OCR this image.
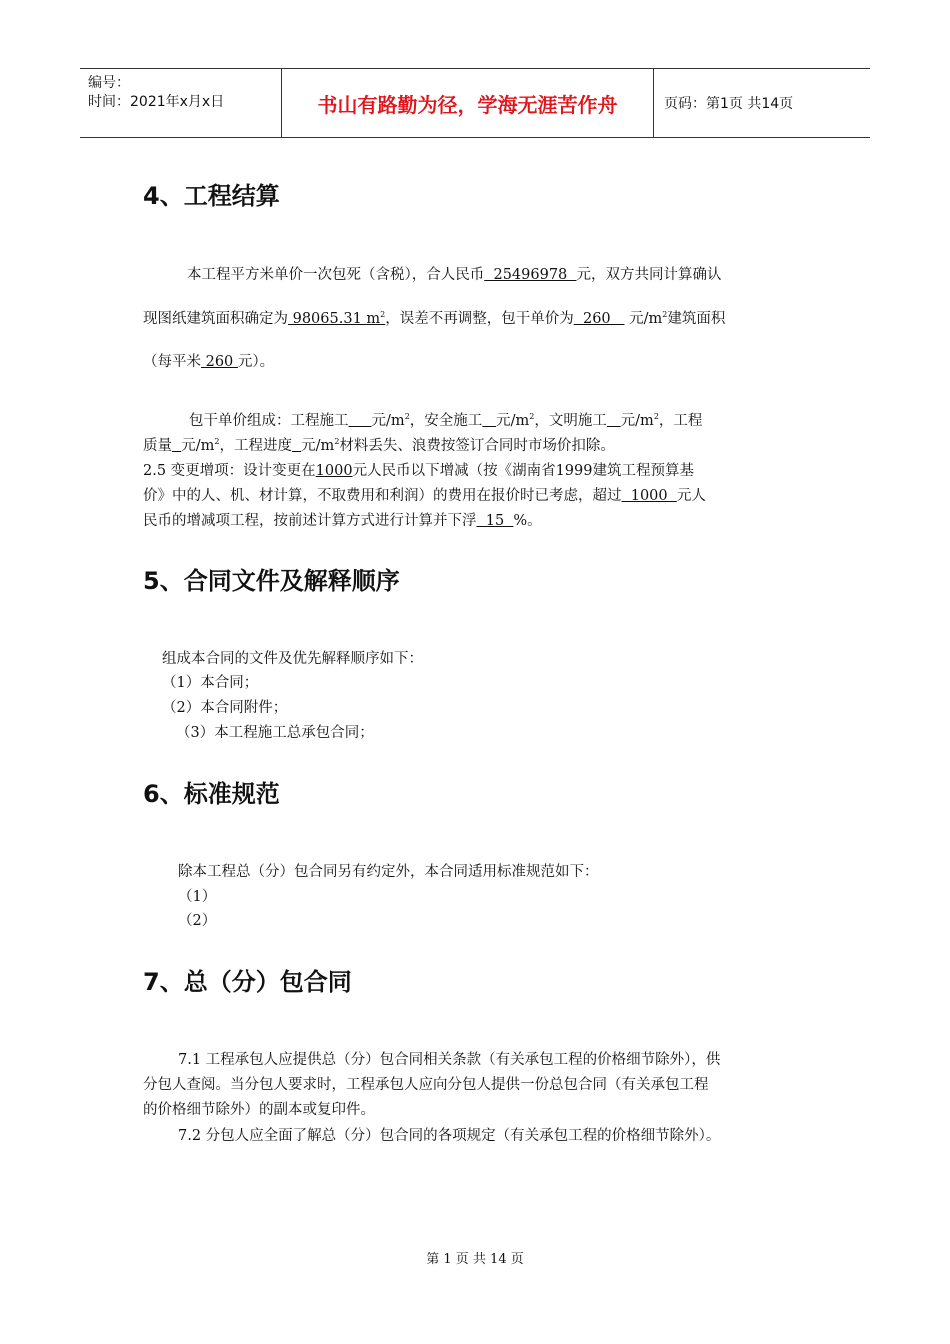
编号：
时间：2021年x月x日	书山有路勤为径，学海无涯苦作舟	页码：第1页 共14页
4、工程结算
本工程平方米单价一次包死（含税），合人民币  25496978  元，双方共同计算确认
现图纸建筑面积确定为 98065.31 $m^2$，误差不再调整，包干单价为  260    元$/m^2$建筑面积
（每平米 260 元）。
包干单价组成：工程施工 元$/m^2$，安全施工 元$/m^2$，文明施工 元$/m^2$，工程
质量 元$/m^2$，工程进度 元$/m^2$材料丢失、浪费按签订合同时市场价扣除。
2.5 变更增项：设计变更在1000元人民币以下增减（按《湖南省1999建筑工程预算基
价》中的人、机、材计算，不取费用和利润）的费用在报价时已考虑，超过  1000  元人
民币的增减项工程，按前述计算方式进行计算并下浮  15  %。
5、合同文件及解释顺序
组成本合同的文件及优先解释顺序如下：
（1）本合同；
（2）本合同附件；
（3）本工程施工总承包合同；
6、标准规范
除本工程总（分）包合同另有约定外，本合同适用标准规范如下：
（1）
（2）
7、总（分）包合同
7.1 工程承包人应提供总（分）包合同相关条款（有关承包工程的价格细节除外），供
分包人查阅。当分包人要求时，工程承包人应向分包人提供一份总包合同（有关承包工程
的价格细节除外）的副本或复印件。
7.2 分包人应全面了解总（分）包合同的各项规定（有关承包工程的价格细节除外）。
第 1 页 共 14 页
